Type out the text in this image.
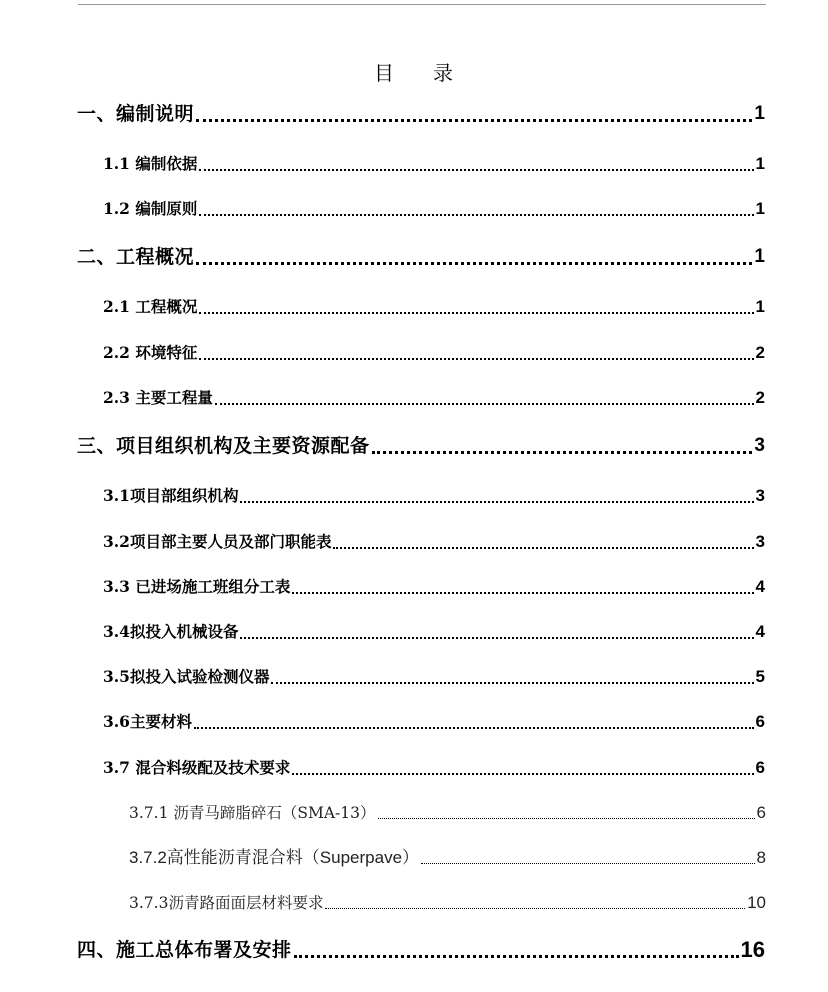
目 录
一、编制说明	1
1.1 编制依据	1
1.2 编制原则	1
二、工程概况	1
2.1 工程概况	1
2.2 环境特征	2
2.3 主要工程量	2
三、项目组织机构及主要资源配备	3
3.1项目部组织机构	3
3.2项目部主要人员及部门职能表	3
3.3 已进场施工班组分工表	4
3.4拟投入机械设备	4
3.5拟投入试验检测仪器	5
3.6主要材料	6
3.7 混合料级配及技术要求	6
3.7.1 沥青马蹄脂碎石（SMA-13）	6
3.7.2高性能沥青混合料（Superpave）	8
3.7.3沥青路面面层材料要求	10
四、施工总体布署及安排	16
